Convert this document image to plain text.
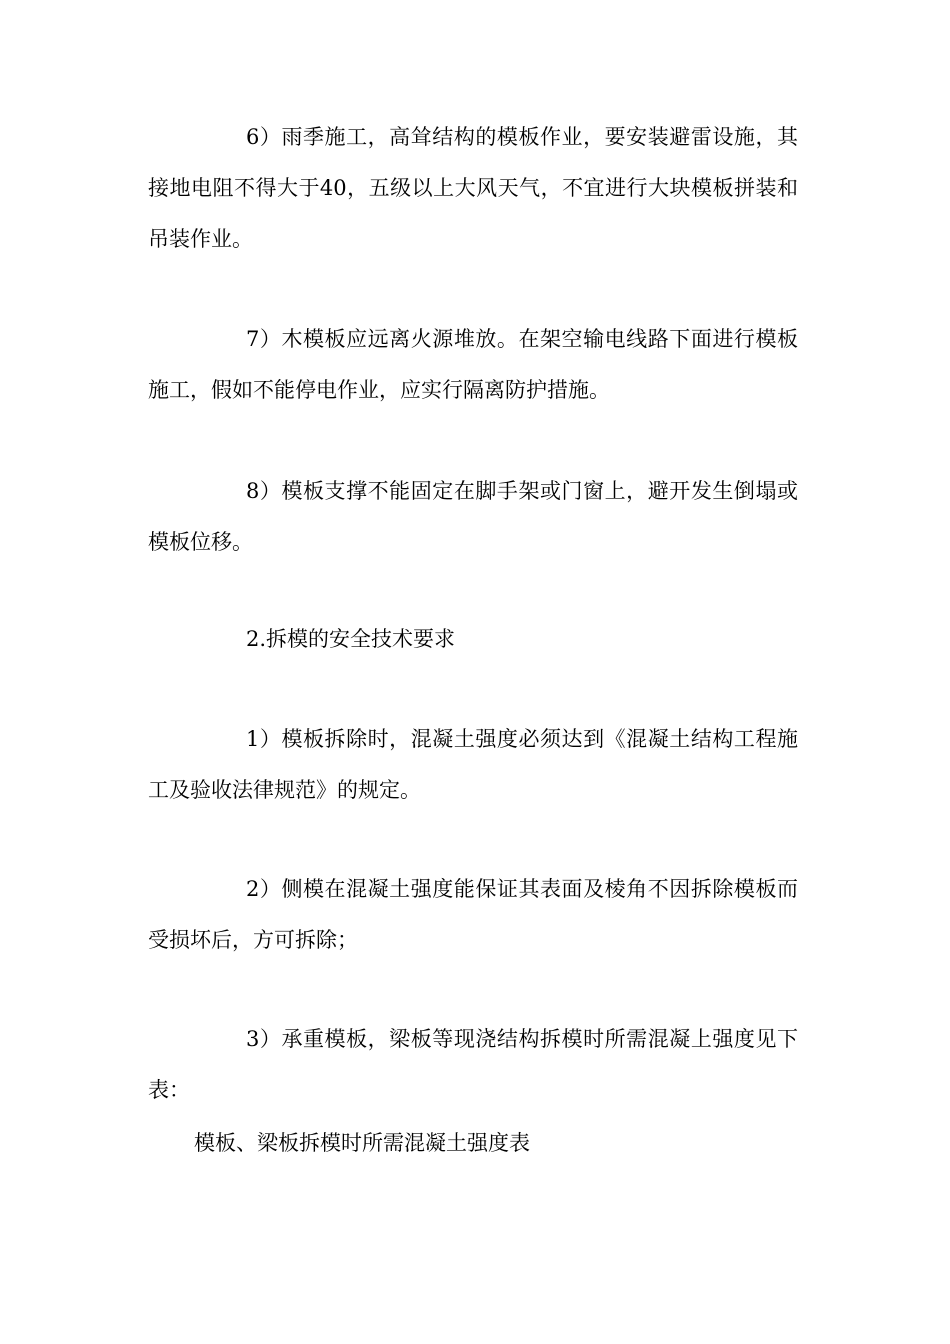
6）雨季施工，高耸结构的模板作业，要安装避雷设施，其接地电阻不得大于40，五级以上大风天气，不宜进行大块模板拼装和吊装作业。

7）木模板应远离火源堆放。在架空输电线路下面进行模板施工，假如不能停电作业，应实行隔离防护措施。

8）模板支撑不能固定在脚手架或门窗上，避开发生倒塌或模板位移。

2.拆模的安全技术要求

1）模板拆除时，混凝土强度必须达到《混凝土结构工程施工及验收法律规范》的规定。

2）侧模在混凝土强度能保证其表面及棱角不因拆除模板而受损坏后，方可拆除；

3）承重模板，梁板等现浇结构拆模时所需混凝上强度见下表：

模板、梁板拆模时所需混凝土强度表
